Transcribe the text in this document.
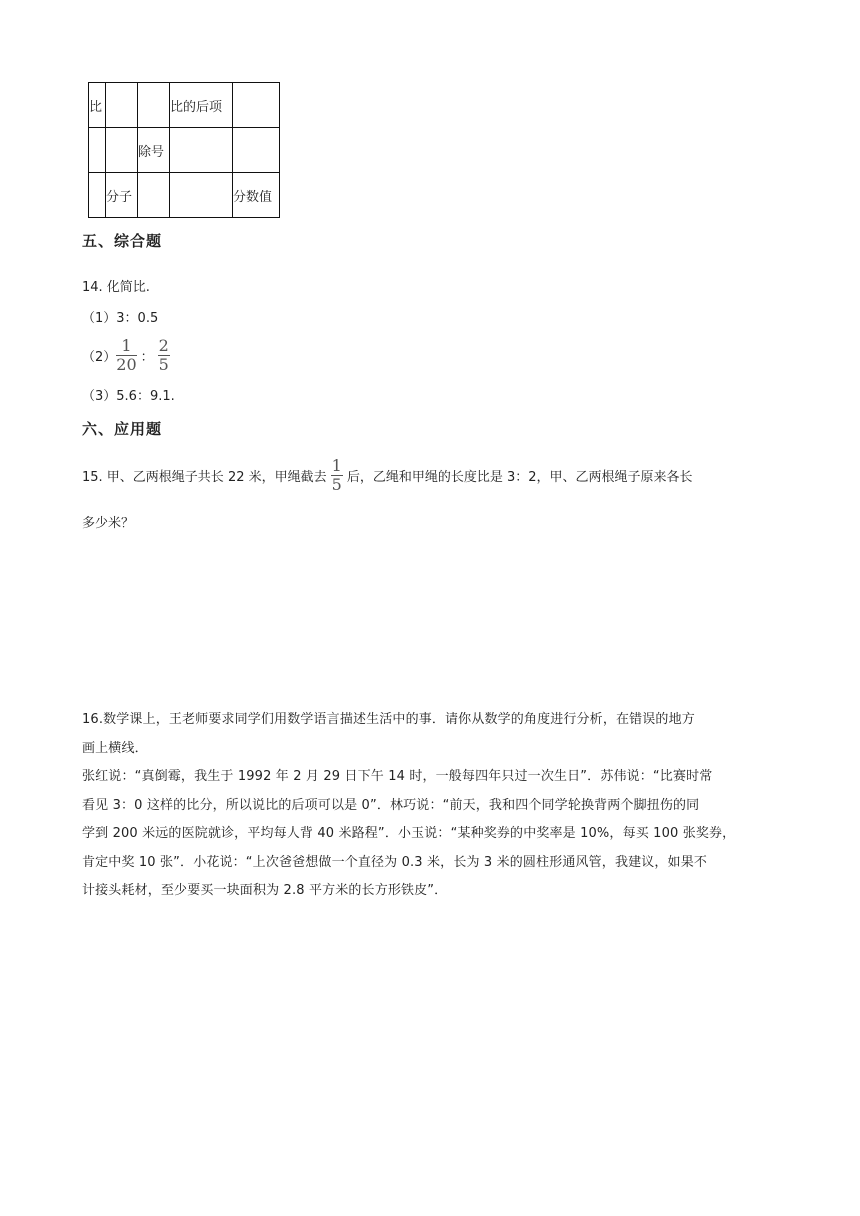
比			比的后项	
		除号		
	分子			分数值
五、综合题
14. 化简比.
（1）3：0.5
$(2) \frac{1}{20}$ ： $\frac{2}{5}$
（3）5.6：9.1.
六、应用题
15. 甲、乙两根绳子共长 22 米，甲绳截去 $\frac{1}{5}$ 后，乙绳和甲绳的长度比是 3：2，甲、乙两根绳子原来各长
多少米？
16.数学课上，王老师要求同学们用数学语言描述生活中的事．请你从数学的角度进行分析，在错误的地方
画上横线．
张红说：“真倒霉，我生于 1992 年 2 月 29 日下午 14 时，一般每四年只过一次生日”．苏伟说：“比赛时常
看见 3：0 这样的比分，所以说比的后项可以是 0”．林巧说：“前天，我和四个同学轮换背两个脚扭伤的同
学到 200 米远的医院就诊，平均每人背 40 米路程”．小玉说：“某种奖券的中奖率是 10%，每买 100 张奖券，
肯定中奖 10 张”．小花说：“上次爸爸想做一个直径为 0.3 米，长为 3 米的圆柱形通风管，我建议，如果不
计接头耗材，至少要买一块面积为 2.8 平方米的长方形铁皮”．
